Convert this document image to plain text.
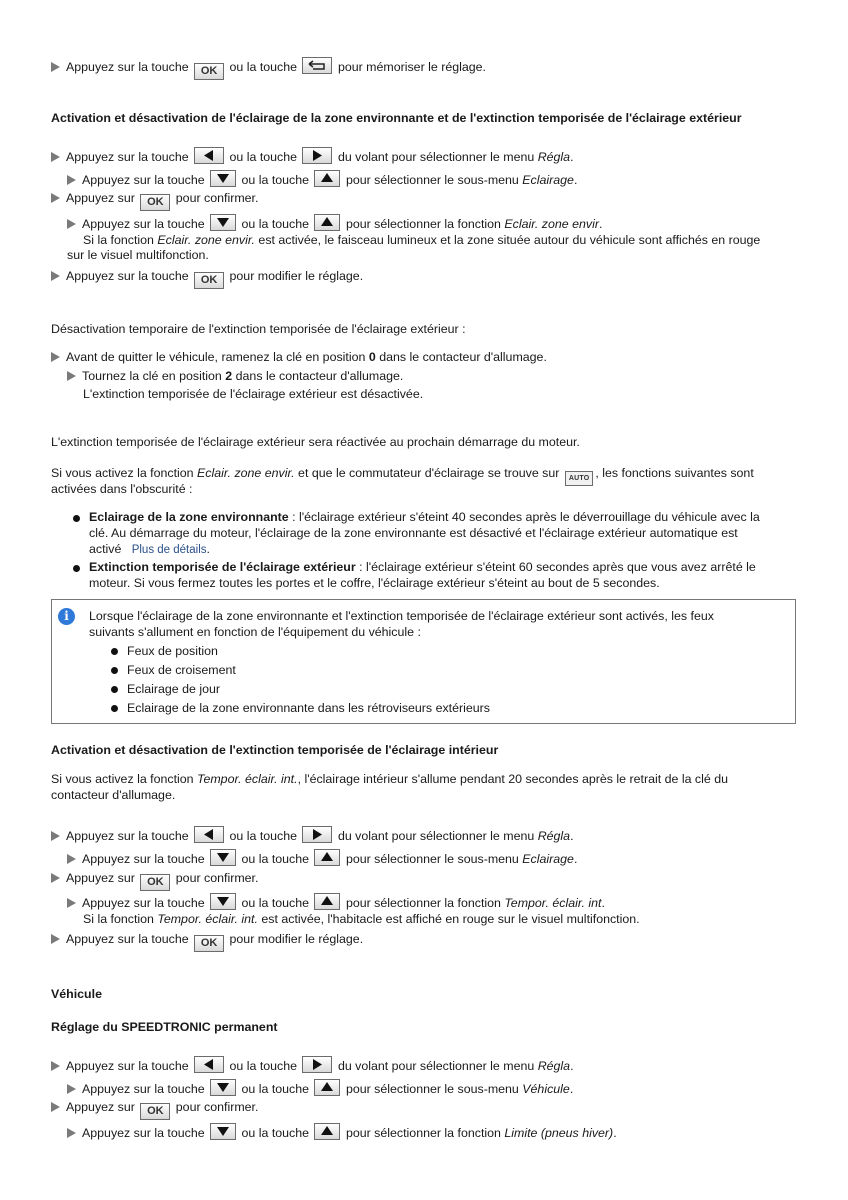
Appuyez sur la touche OK ou la touche	pour mémoriser le réglage.
Activation et désactivation de l'éclairage de la zone environnante et de l'extinction temporisée de l'éclairage extérieur
Appuyez sur la touche	ou la touche	du volant pour sélectionner le menu Régla.
Appuyez sur la touche	ou la touche	pour sélectionner le sous-menu Eclairage.
Appuyez sur OK pour confirmer.
Appuyez sur la touche	ou la touche	pour sélectionner la fonction Eclair. zone envir.
Si la fonction Eclair. zone envir. est activée, le faisceau lumineux et la zone située autour du véhicule sont affichés en rouge
sur le visuel multifonction.
Appuyez sur la touche OK pour modifier le réglage.
Désactivation temporaire de l'extinction temporisée de l'éclairage extérieur :
Avant de quitter le véhicule, ramenez la clé en position 0 dans le contacteur d'allumage.
Tournez la clé en position 2 dans le contacteur d'allumage.
L'extinction temporisée de l'éclairage extérieur est désactivée.
L'extinction temporisée de l'éclairage extérieur sera réactivée au prochain démarrage du moteur.
Si vous activez la fonction Eclair. zone envir. et que le commutateur d'éclairage se trouve sur AUTO , les fonctions suivantes sont
activées dans l'obscurité :
Eclairage de la zone environnante : l'éclairage extérieur s'éteint 40 secondes après le déverrouillage du véhicule avec la
clé. Au démarrage du moteur, l'éclairage de la zone environnante est désactivé et l'éclairage extérieur automatique est
activé Plus de détails.
Extinction temporisée de l'éclairage extérieur : l'éclairage extérieur s'éteint 60 secondes après que vous avez arrêté le
moteur. Si vous fermez toutes les portes et le coffre, l'éclairage extérieur s'éteint au bout de 5 secondes.
i	Lorsque l'éclairage de la zone environnante et l'extinction temporisée de l'éclairage extérieur sont activés, les feux
suivants s'allument en fonction de l'équipement du véhicule :
Feux de position
Feux de croisement
Eclairage de jour
Eclairage de la zone environnante dans les rétroviseurs extérieurs
Activation et désactivation de l'extinction temporisée de l'éclairage intérieur
Si vous activez la fonction Tempor. éclair. int., l'éclairage intérieur s'allume pendant 20 secondes après le retrait de la clé du
contacteur d'allumage.
Appuyez sur la touche	ou la touche	du volant pour sélectionner le menu Régla.
Appuyez sur la touche	ou la touche	pour sélectionner le sous-menu Eclairage.
Appuyez sur OK pour confirmer.
Appuyez sur la touche	ou la touche	pour sélectionner la fonction Tempor. éclair. int.
Si la fonction Tempor. éclair. int. est activée, l'habitacle est affiché en rouge sur le visuel multifonction.
Appuyez sur la touche OK pour modifier le réglage.
Véhicule
Réglage du SPEEDTRONIC permanent
Appuyez sur la touche	ou la touche	du volant pour sélectionner le menu Régla.
Appuyez sur la touche	ou la touche	pour sélectionner le sous-menu Véhicule.
Appuyez sur OK pour confirmer.
Appuyez sur la touche	ou la touche	pour sélectionner la fonction Limite (pneus hiver).
